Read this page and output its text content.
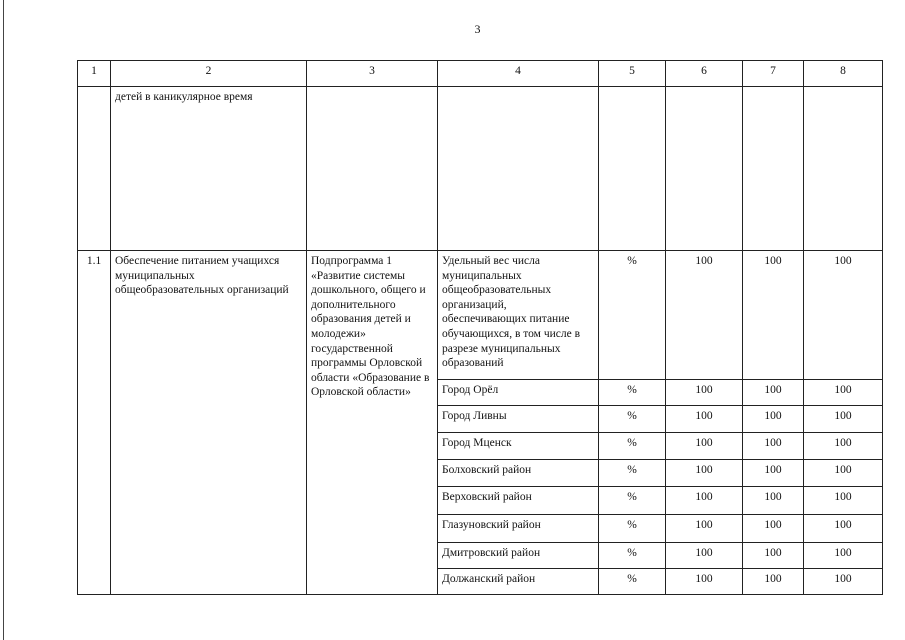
3
1	2	3	4	5	6	7	8
	детей в каникулярное время						
1.1	Обеспечение питанием учащихся муниципальных общеобразовательных организаций	Подпрограмма 1 «Развитие системы дошкольного, общего и дополнительного образования детей и молодежи» государственной программы Орловской области «Образование в Орловской области»	Удельный вес числа муниципальных общеобразовательных организаций, обеспечивающих питание обучающихся, в том числе в разрезе муниципальных образований	%	100	100	100
			Город Орёл	%	100	100	100
			Город Ливны	%	100	100	100
			Город Мценск	%	100	100	100
			Болховский район	%	100	100	100
			Верховский район	%	100	100	100
			Глазуновский район	%	100	100	100
			Дмитровский район	%	100	100	100
			Должанский район	%	100	100	100
